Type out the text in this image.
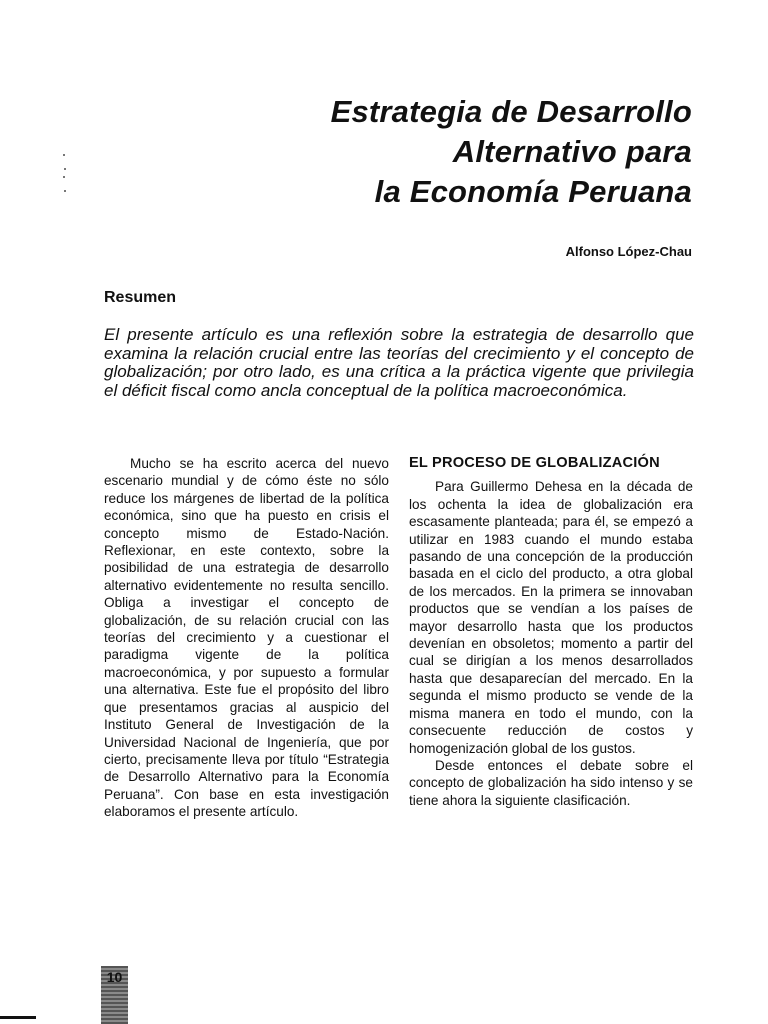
Estrategia de Desarrollo
Alternativo para
la Economía Peruana
Alfonso López-Chau
Resumen
El presente artículo es una reflexión sobre la estrategia de desarrollo que examina la relación crucial entre las teorías del crecimiento y el concepto de globalización; por otro lado, es una crítica a la práctica vigente que privilegia el déficit fiscal como ancla conceptual de la política macroeconómica.

Mucho se ha escrito acerca del nuevo escenario mundial y de cómo éste no sólo reduce los márgenes de libertad de la política económica, sino que ha puesto en crisis el concepto mismo de Estado-Nación. Reflexionar, en este contexto, sobre la posibilidad de una estrategia de desarrollo alternativo evidentemente no resulta sencillo. Obliga a investigar el concepto de globalización, de su relación crucial con las teorías del crecimiento y a cuestionar el paradigma vigente de la política macroeconómica, y por supuesto a formular una alternativa. Este fue el propósito del libro que presentamos gracias al auspicio del Instituto General de Investigación de la Universidad Nacional de Ingeniería, que por cierto, precisamente lleva por título “Estrategia de Desarrollo Alternativo para la Economía Peruana”. Con base en esta investigación elaboramos el presente artículo.

EL PROCESO DE GLOBALIZACIÓN

Para Guillermo Dehesa en la década de los ochenta la idea de globalización era escasamente planteada; para él, se empezó a utilizar en 1983 cuando el mundo estaba pasando de una concepción de la producción basada en el ciclo del producto, a otra global de los mercados. En la primera se innovaban productos que se vendían a los países de mayor desarrollo hasta que los productos devenían en obsoletos; momento a partir del cual se dirigían a los menos desarrollados hasta que desaparecían del mercado. En la segunda el mismo producto se vende de la misma manera en todo el mundo, con la consecuente reducción de costos y homogenización global de los gustos.

Desde entonces el debate sobre el concepto de globalización ha sido intenso y se tiene ahora la siguiente clasificación.

10
